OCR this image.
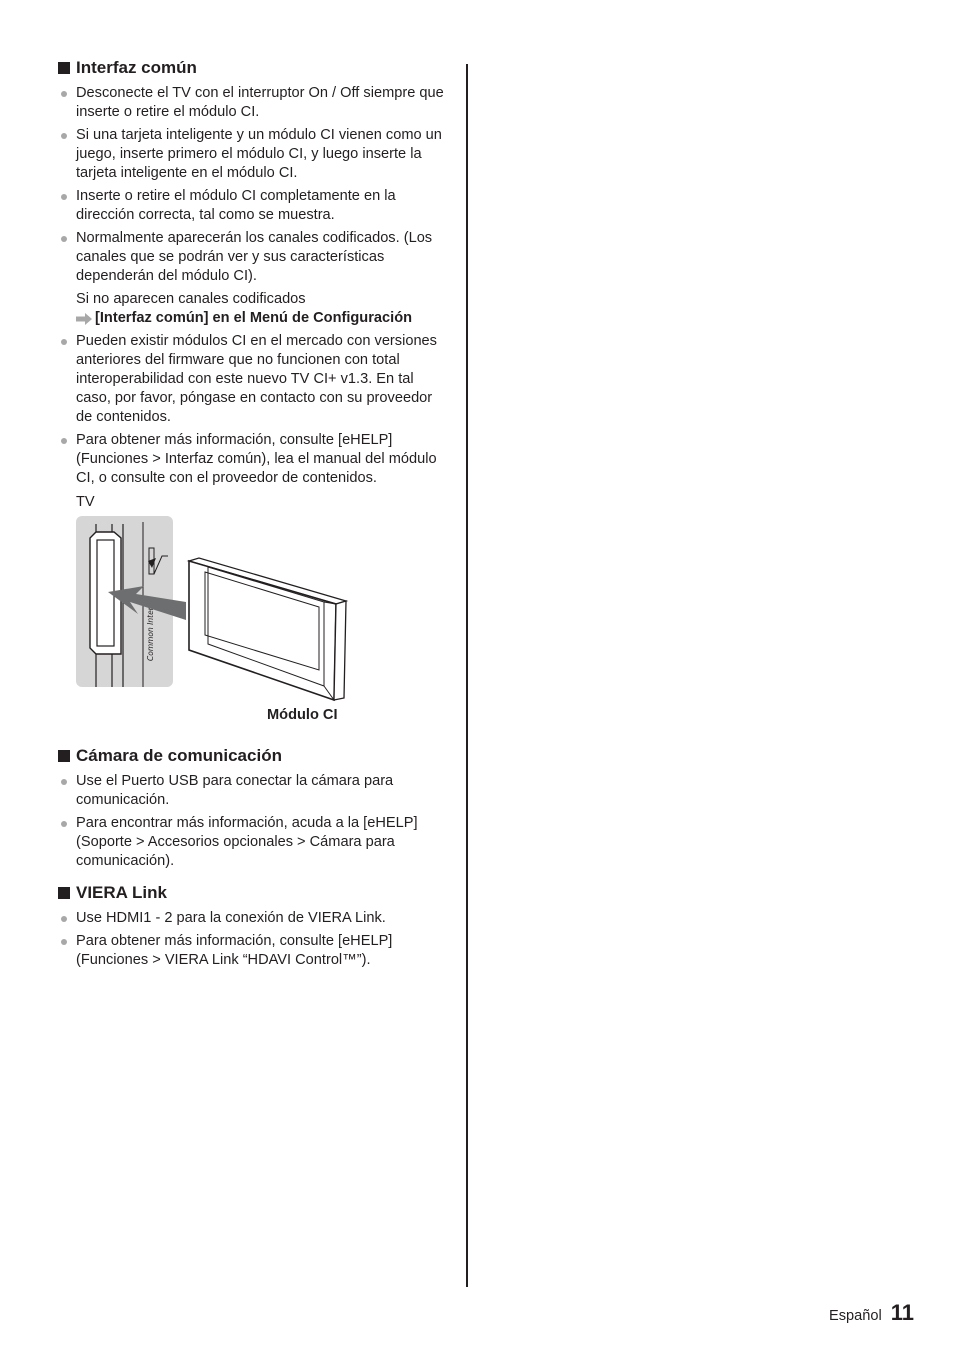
Interfaz común
Desconecte el TV con el interruptor On / Off siempre que inserte o retire el módulo CI.
Si una tarjeta inteligente y un módulo CI vienen como un juego, inserte primero el módulo CI, y luego inserte la tarjeta inteligente en el módulo CI.
Inserte o retire el módulo CI completamente en la dirección correcta, tal como se muestra.
Normalmente aparecerán los canales codificados. (Los canales que se podrán ver y sus características dependerán del módulo CI).
Si no aparecen canales codificados
[Interfaz común] en el Menú de Configuración
Pueden existir módulos CI en el mercado con versiones anteriores del firmware que no funcionen con total interoperabilidad con este nuevo TV CI+ v1.3. En tal caso, por favor, póngase en contacto con su proveedor de contenidos.
Para obtener más información, consulte [eHELP] (Funciones > Interfaz común), lea el manual del módulo CI, o consulte con el proveedor de contenidos.
TV
Common Inter
Módulo CI
Cámara de comunicación
Use el Puerto USB para conectar la cámara para comunicación.
Para encontrar más información, acuda a la [eHELP] (Soporte > Accesorios opcionales > Cámara para comunicación).
VIERA Link
Use HDMI1 - 2 para la conexión de VIERA Link.
Para obtener más información, consulte [eHELP] (Funciones > VIERA Link “HDAVI Control™”).
Español 11
